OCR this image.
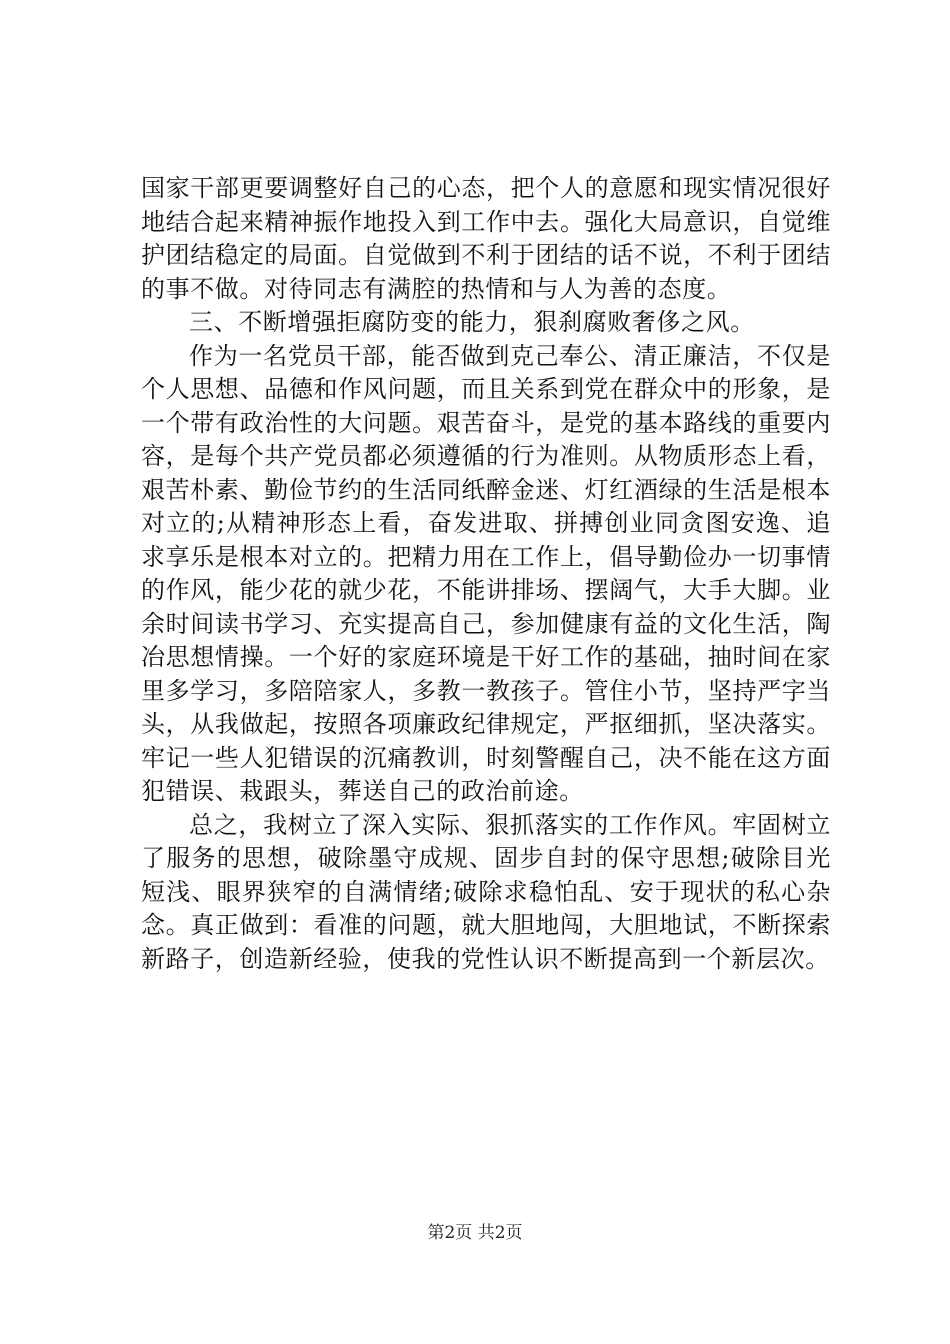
国家干部更要调整好自己的心态，把个人的意愿和现实情况很好地结合起来精神振作地投入到工作中去。强化大局意识，自觉维护团结稳定的局面。自觉做到不利于团结的话不说，不利于团结的事不做。对待同志有满腔的热情和与人为善的态度。

三、不断增强拒腐防变的能力，狠刹腐败奢侈之风。

作为一名党员干部，能否做到克己奉公、清正廉洁，不仅是个人思想、品德和作风问题，而且关系到党在群众中的形象，是一个带有政治性的大问题。艰苦奋斗，是党的基本路线的重要内容，是每个共产党员都必须遵循的行为准则。从物质形态上看，艰苦朴素、勤俭节约的生活同纸醉金迷、灯红酒绿的生活是根本对立的;从精神形态上看，奋发进取、拼搏创业同贪图安逸、追求享乐是根本对立的。把精力用在工作上，倡导勤俭办一切事情的作风，能少花的就少花，不能讲排场、摆阔气，大手大脚。业余时间读书学习、充实提高自己，参加健康有益的文化生活，陶冶思想情操。一个好的家庭环境是干好工作的基础，抽时间在家里多学习，多陪陪家人，多教一教孩子。管住小节，坚持严字当头，从我做起，按照各项廉政纪律规定，严抠细抓，坚决落实。牢记一些人犯错误的沉痛教训，时刻警醒自己，决不能在这方面犯错误、栽跟头，葬送自己的政治前途。

总之，我树立了深入实际、狠抓落实的工作作风。牢固树立了服务的思想，破除墨守成规、固步自封的保守思想;破除目光短浅、眼界狭窄的自满情绪;破除求稳怕乱、安于现状的私心杂念。真正做到：看准的问题，就大胆地闯，大胆地试，不断探索新路子，创造新经验，使我的党性认识不断提高到一个新层次。

第2页 共2页
